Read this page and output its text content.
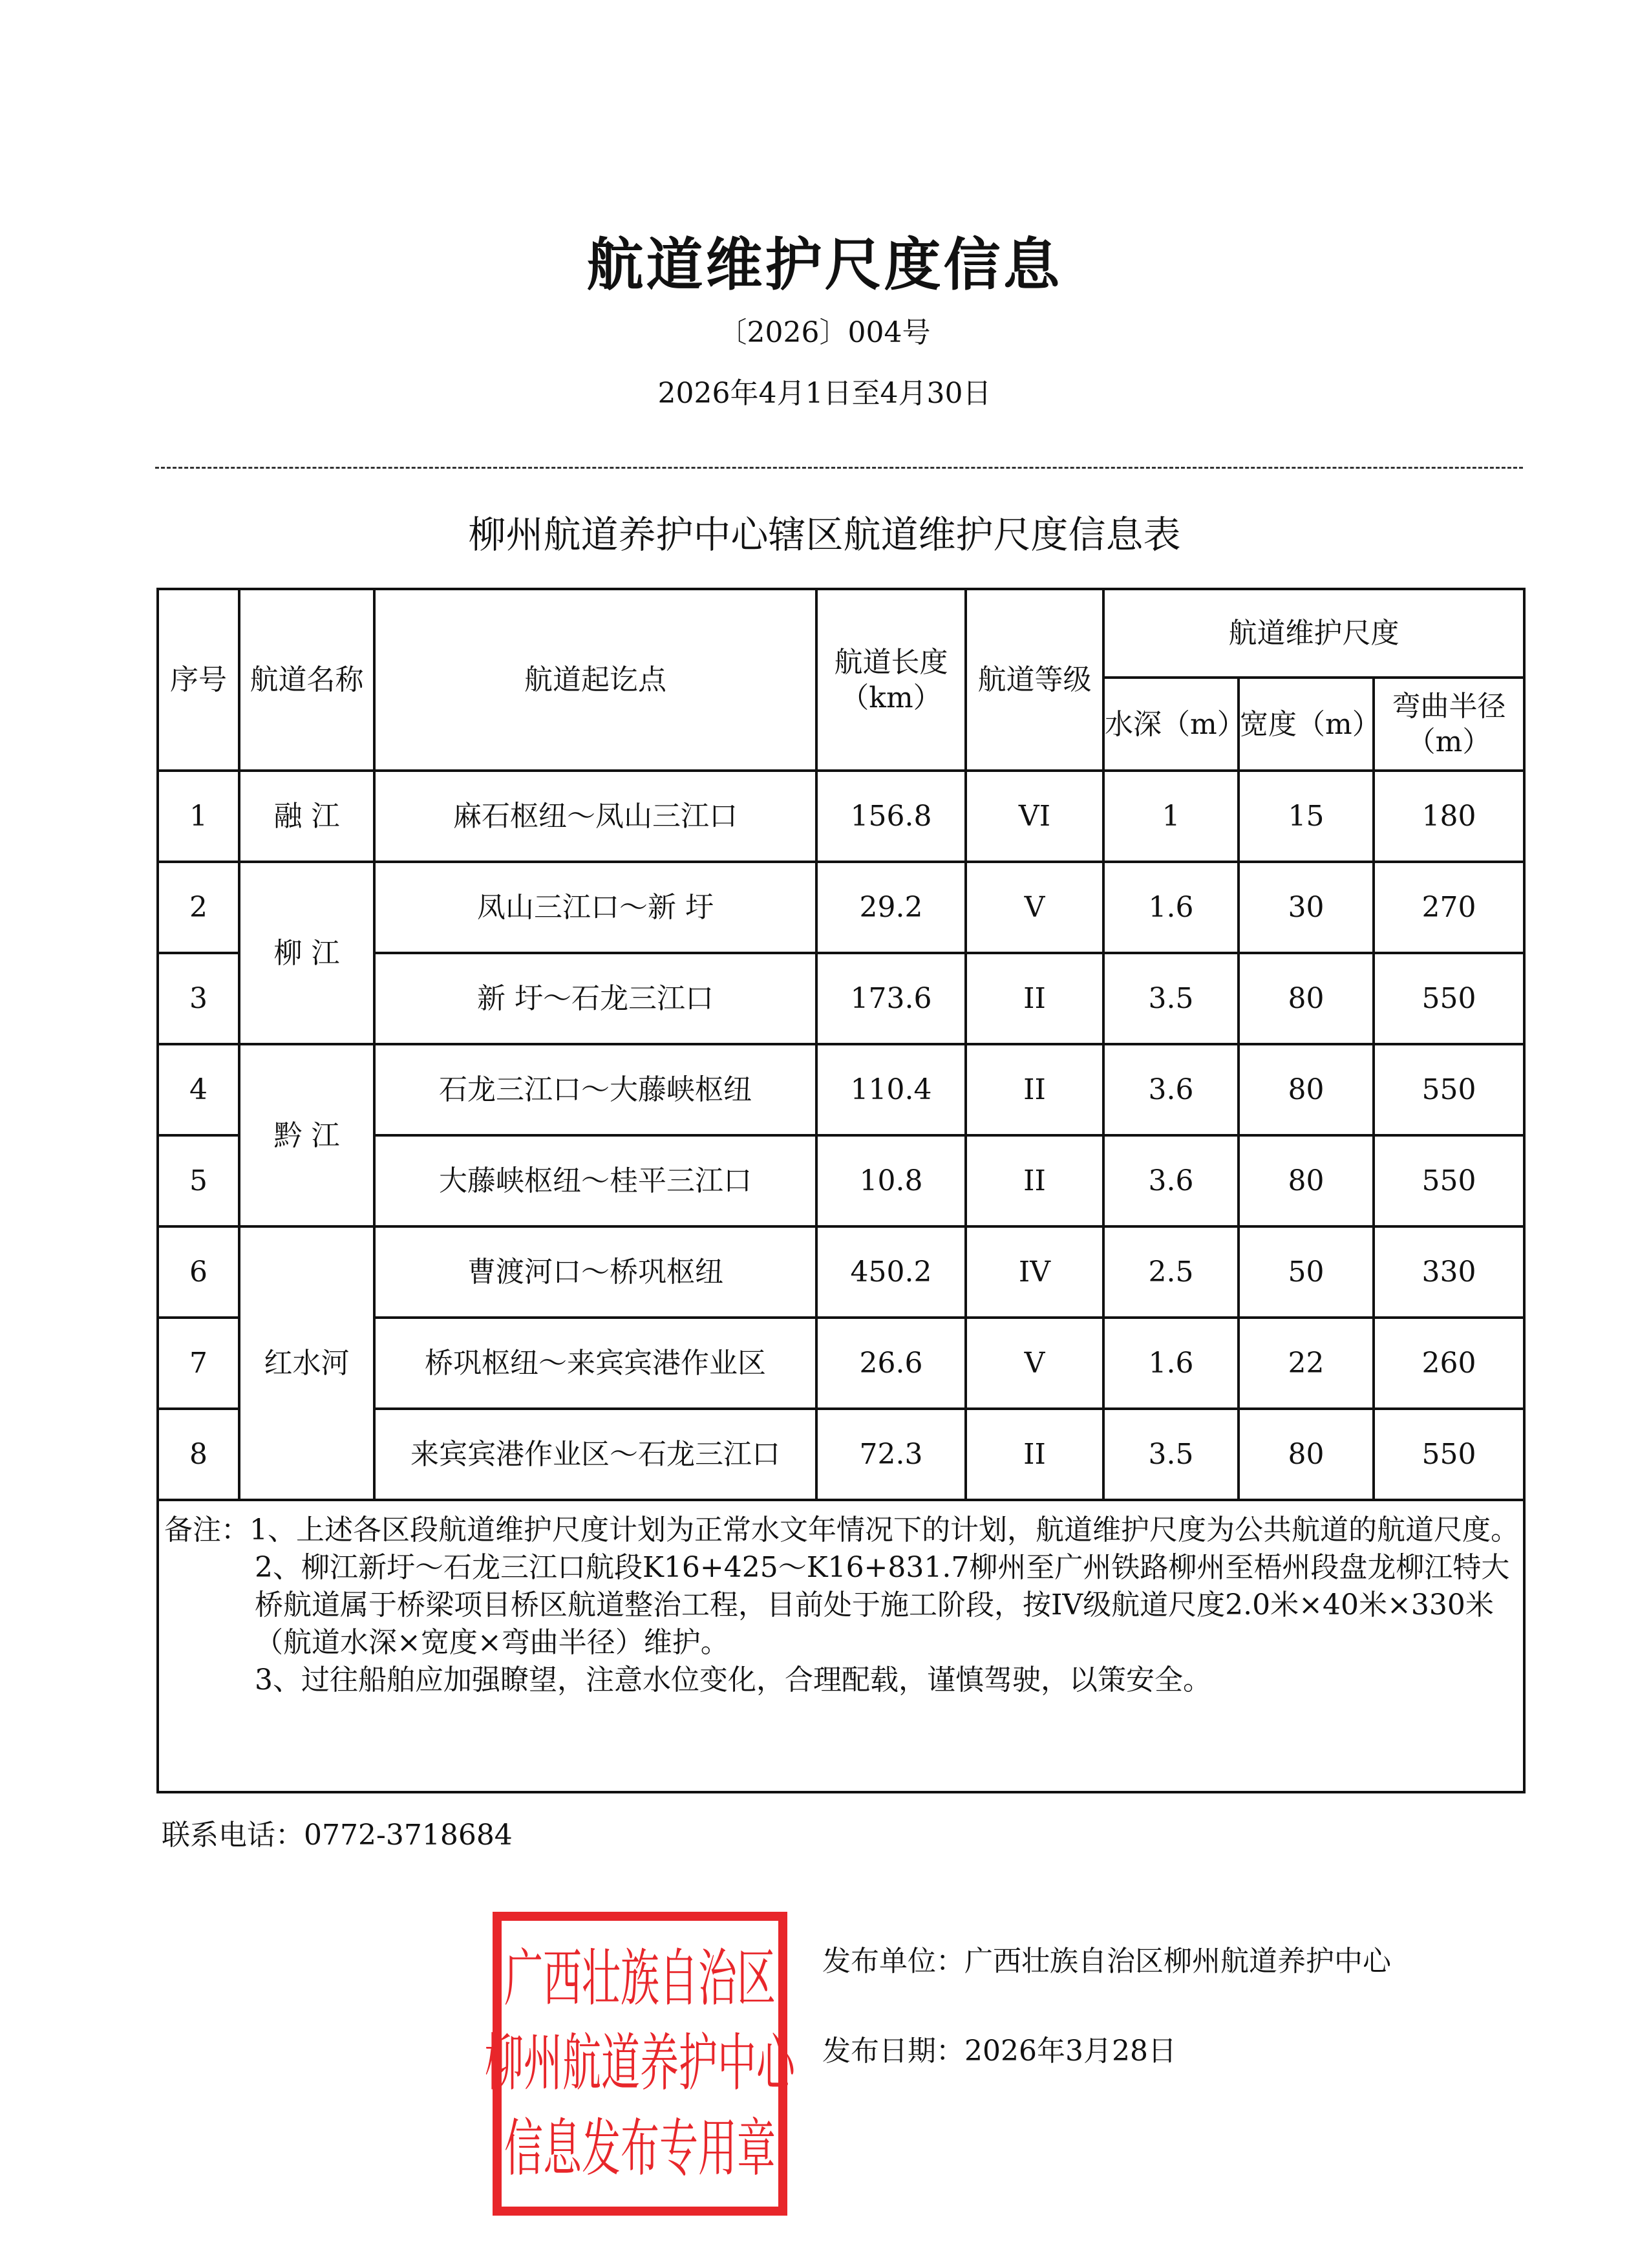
航道维护尺度信息
〔2026〕004号
2026年4月1日至4月30日
柳州航道养护中心辖区航道维护尺度信息表
序号	航道名称	航道起讫点	航道长度（km）	航道等级	航道维护尺度		
					水深（m）	宽度（m）	弯曲半径（m）
1	融 江	麻石枢纽～凤山三江口	156.8	VI	1	15	180
2	柳 江	凤山三江口～新 圩	29.2	V	1.6	30	270
3		新 圩～石龙三江口	173.6	II	3.5	80	550
4	黔 江	石龙三江口～大藤峡枢纽	110.4	II	3.6	80	550
5		大藤峡枢纽～桂平三江口	10.8	II	3.6	80	550
6	红水河	曹渡河口～桥巩枢纽	450.2	IV	2.5	50	330
7		桥巩枢纽～来宾宾港作业区	26.6	V	1.6	22	260
8		来宾宾港作业区～石龙三江口	72.3	II	3.5	80	550
备注：1、上述各区段航道维护尺度计划为正常水文年情况下的计划，航道维护尺度为公共航道的航道尺度。
2、柳江新圩～石龙三江口航段K16+425～K16+831.7柳州至广州铁路柳州至梧州段盘龙柳江特大桥航道属于桥梁项目桥区航道整治工程，目前处于施工阶段，按IV级航道尺度2.0米×40米×330米（航道水深×宽度×弯曲半径）维护。
3、过往船舶应加强瞭望，注意水位变化，合理配载，谨慎驾驶，以策安全。							
联系电话：0772-3718684
广西壮族自治区
柳州航道养护中心
信息发布专用章
发布单位：广西壮族自治区柳州航道养护中心
发布日期：2026年3月28日
